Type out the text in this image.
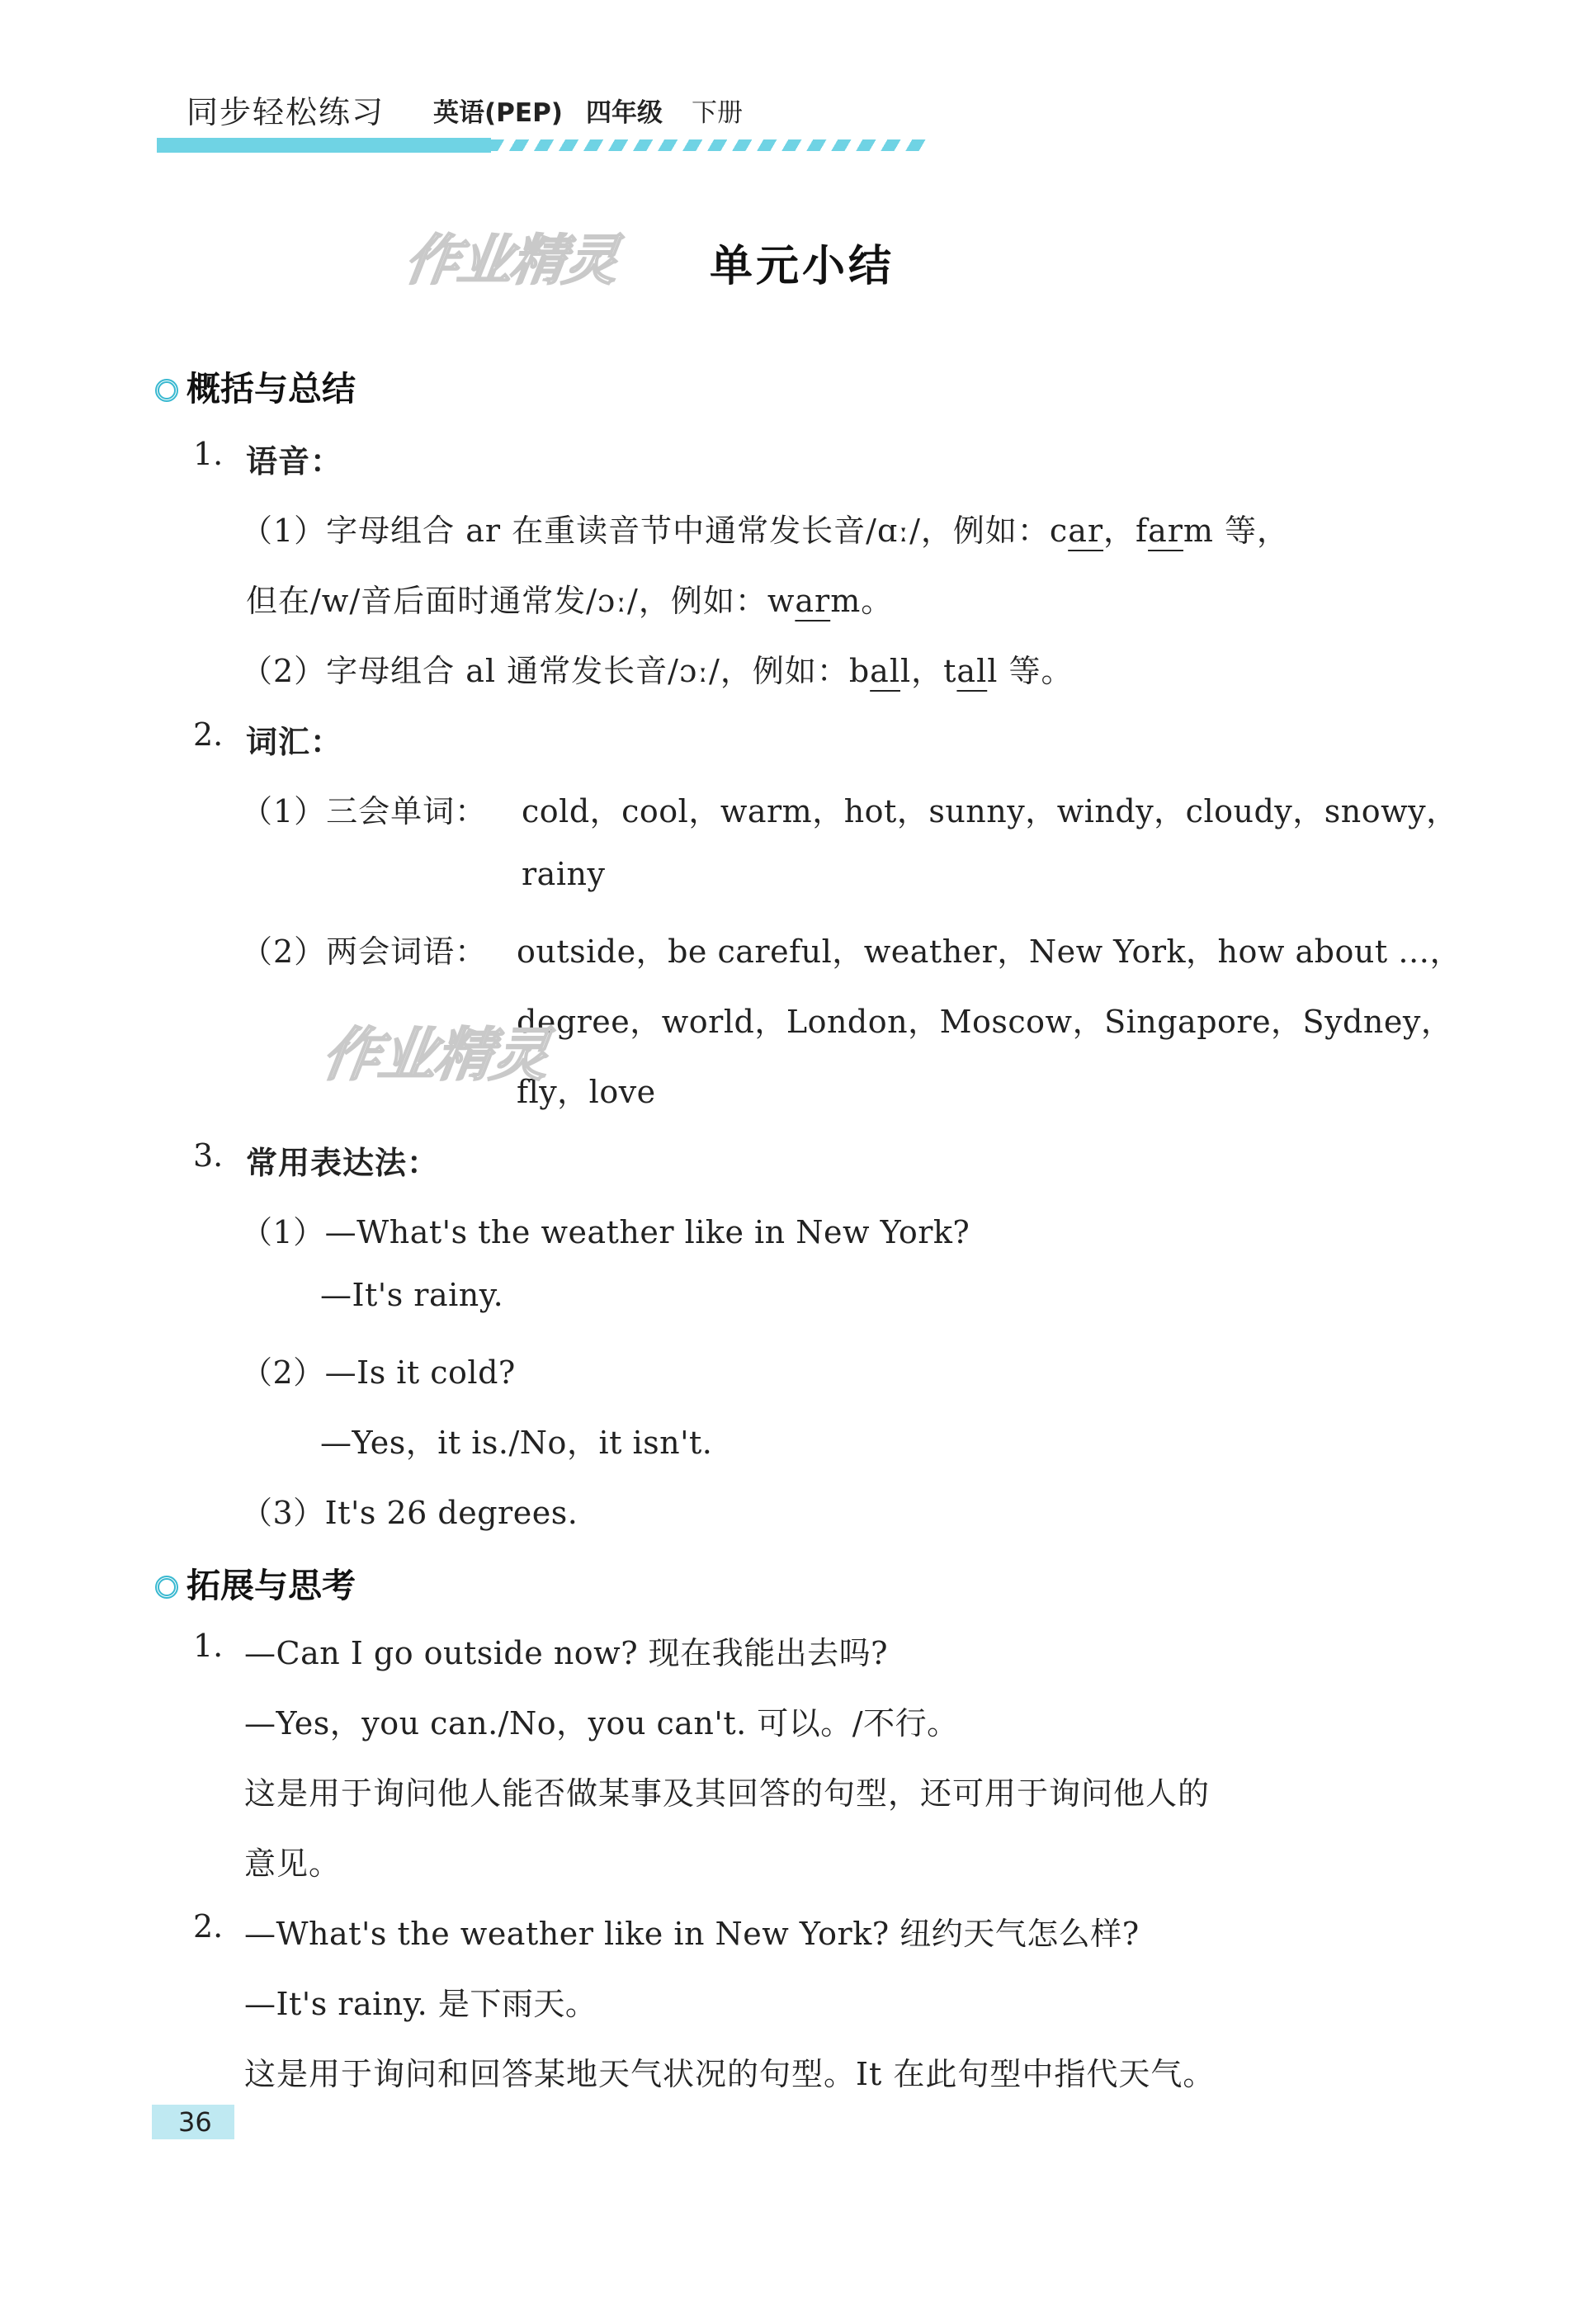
同步轻松练习 英语(PEP) 四年级 下册
作业精灵 单元小结
概括与总结
1. 语音：
（1）字母组合 ar 在重读音节中通常发长音/ɑː/，例如：car，farm 等，
但在/w/音后面时通常发/ɔː/，例如：warm。
（2）字母组合 al 通常发长音/ɔː/，例如：ball，tall 等。
2. 词汇：
（1）三会单词： cold，cool，warm，hot，sunny，windy，cloudy，snowy，
rainy
（2）两会词语： outside，be careful，weather，New York，how about …，
degree，world，London，Moscow，Singapore，Sydney，
fly，love
作业精灵
3. 常用表达法：
（1）—What's the weather like in New York?
—It's rainy.
（2）—Is it cold?
—Yes，it is./No，it isn't.
（3）It's 26 degrees.
拓展与思考
1. —Can I go outside now? 现在我能出去吗?
—Yes，you can./No，you can't. 可以。/不行。
这是用于询问他人能否做某事及其回答的句型，还可用于询问他人的
意见。
2. —What's the weather like in New York? 纽约天气怎么样?
—It's rainy. 是下雨天。
这是用于询问和回答某地天气状况的句型。It 在此句型中指代天气。
36
